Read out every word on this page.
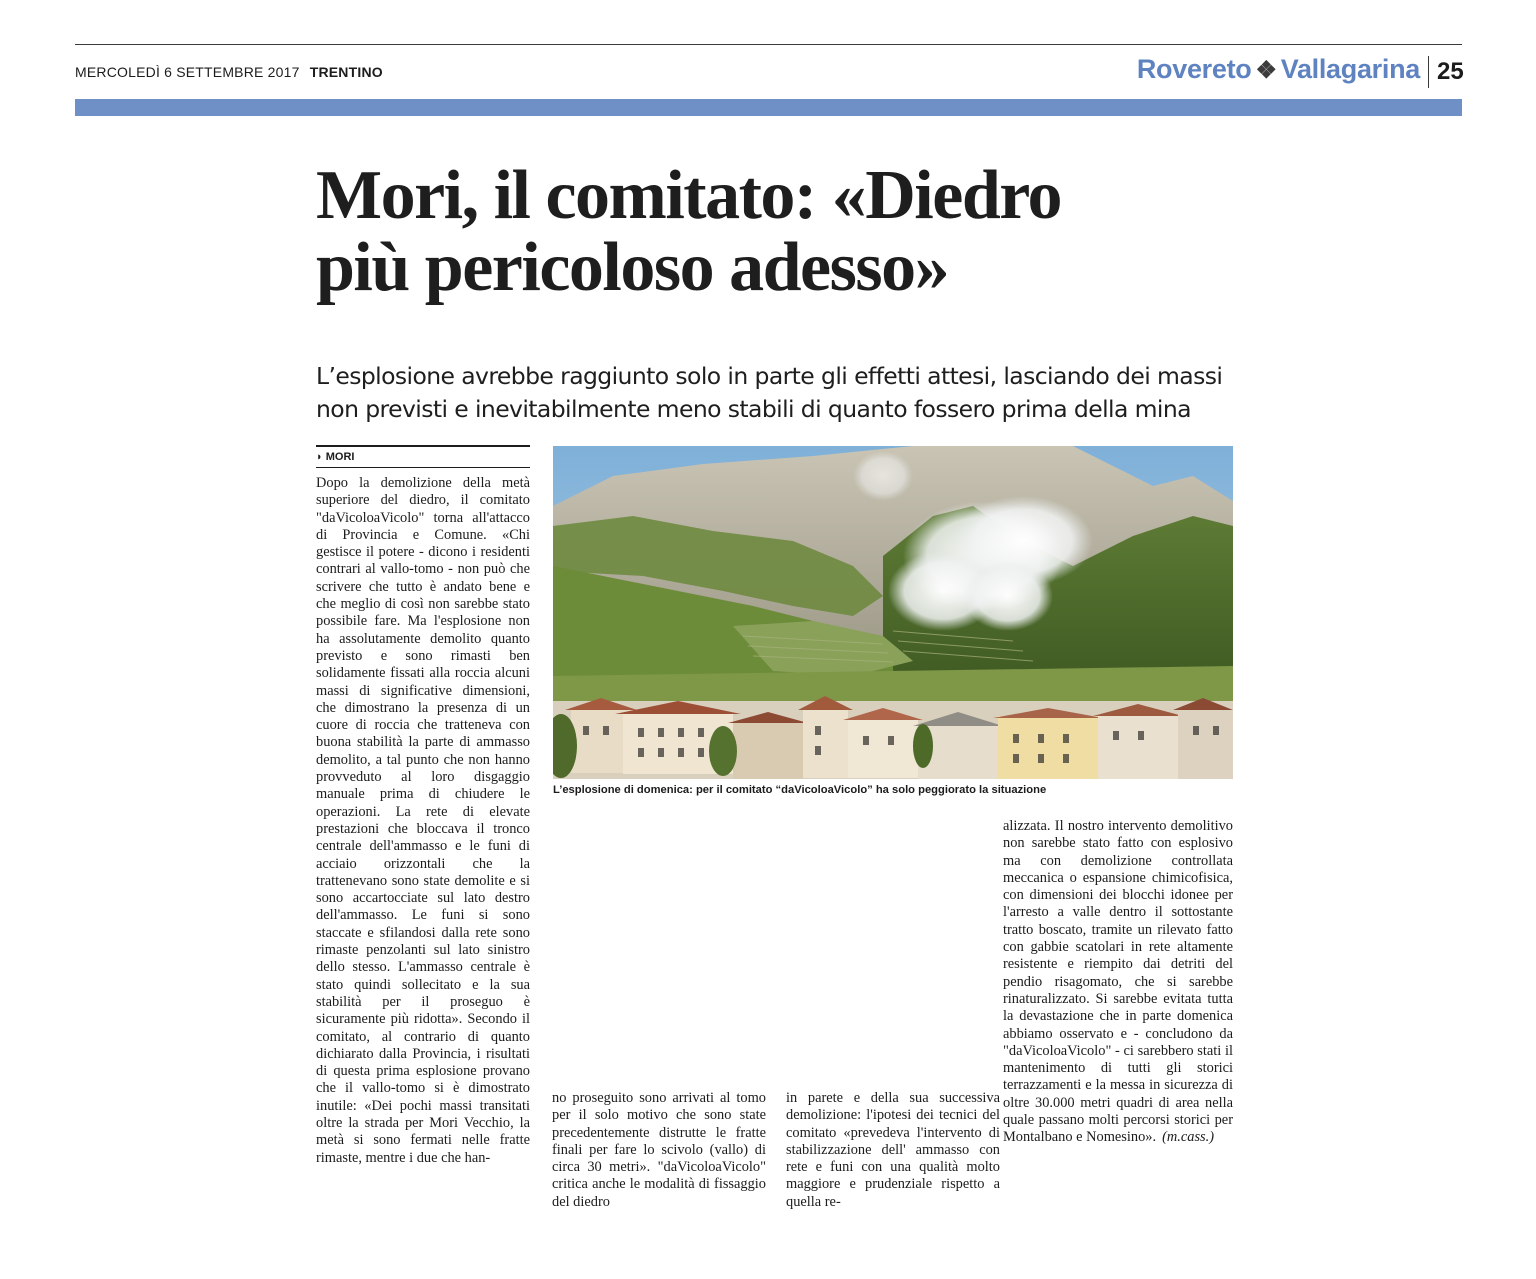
MERCOLEDÌ 6 SETTEMBRE 2017 TRENTINO	Rovereto ❖ Vallagarina 25
Mori, il comitato: «Diedro
più pericoloso adesso»

L’esplosione avrebbe raggiunto solo in parte gli effetti attesi, lasciando dei massi
non previsti e inevitabilmente meno stabili di quanto fossero prima della mina

◗ MORI

Dopo la demolizione della metà superiore del diedro, il comitato "daVicoloaVicolo" torna all'attacco di Provincia e Comune. «Chi gestisce il potere - dicono i residenti contrari al vallo-tomo - non può che scrivere che tutto è andato bene e che meglio di così non sarebbe stato possibile fare. Ma l'esplosione non ha assolutamente demolito quanto previsto e sono rimasti ben solidamente fissati alla roccia alcuni massi di significative dimensioni, che dimostrano la presenza di un cuore di roccia che tratteneva con buona stabilità la parte di ammasso demolito, a tal punto che non hanno provveduto al loro disgaggio manuale prima di chiudere le operazioni. La rete di elevate prestazioni che bloccava il tronco centrale dell'ammasso e le funi di acciaio orizzontali che la trattenevano sono state demolite e si sono accartocciate sul lato destro dell'ammasso. Le funi si sono staccate e sfilandosi dalla rete sono rimaste penzolanti sul lato sinistro dello stesso. L'ammasso centrale è stato quindi sollecitato e la sua stabilità per il proseguo è sicuramente più ridotta». Secondo il comitato, al contrario di quanto dichiarato dalla Provincia, i risultati di questa prima esplosione provano che il vallo-tomo si è dimostrato inutile: «Dei pochi massi transitati oltre la strada per Mori Vecchio, la metà si sono fermati nelle fratte rimaste, mentre i due che han-

L’esplosione di domenica: per il comitato “daVicoloaVicolo” ha solo peggiorato la situazione

no proseguito sono arrivati al tomo per il solo motivo che sono state precedentemente distrutte le fratte finali per fare lo scivolo (vallo) di circa 30 metri». "daVicoloaVicolo" critica anche le modalità di fissaggio del diedro

in parete e della sua successiva demolizione: l'ipotesi dei tecnici del comitato «prevedeva l'intervento di stabilizzazione dell' ammasso con rete e funi con una qualità molto maggiore e prudenziale rispetto a quella re-

alizzata. Il nostro intervento demolitivo non sarebbe stato fatto con esplosivo ma con demolizione controllata meccanica o espansione chimicofisica, con dimensioni dei blocchi idonee per l'arresto a valle dentro il sottostante tratto boscato, tramite un rilevato fatto con gabbie scatolari in rete altamente resistente e riempito dai detriti del pendio risagomato, che si sarebbe rinaturalizzato. Si sarebbe evitata tutta la devastazione che in parte domenica abbiamo osservato e - concludono da "daVicoloaVicolo" - ci sarebbero stati il mantenimento di tutti gli storici terrazzamenti e la messa in sicurezza di oltre 30.000 metri quadri di area nella quale passano molti percorsi storici per Montalbano e Nomesino». (m.cass.)
